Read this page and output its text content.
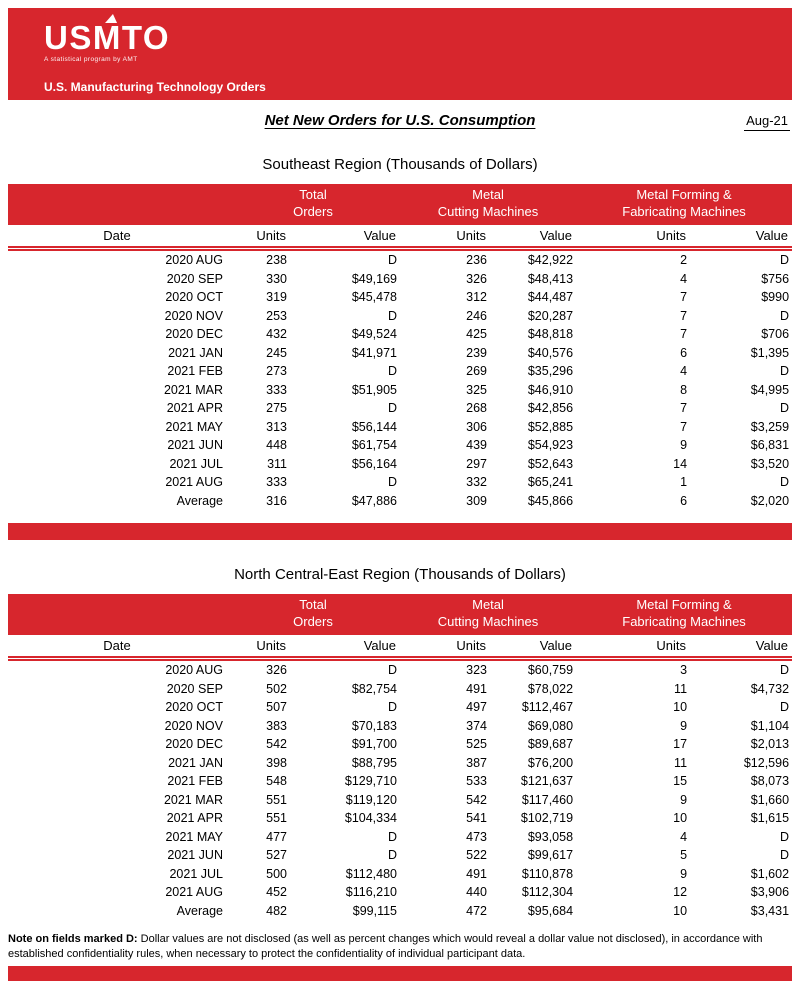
USMTO
A statistical program by AMT
U.S. Manufacturing Technology Orders
Net New Orders for U.S. Consumption	Aug-21
Southeast Region (Thousands of Dollars)
	Total
Orders		Metal
Cutting Machines		Metal Forming &
Fabricating Machines	
Date	Units	Value	Units	Value	Units	Value
2020 AUG	238	D	236	$42,922	2	D
2020 SEP	330	$49,169	326	$48,413	4	$756
2020 OCT	319	$45,478	312	$44,487	7	$990
2020 NOV	253	D	246	$20,287	7	D
2020 DEC	432	$49,524	425	$48,818	7	$706
2021 JAN	245	$41,971	239	$40,576	6	$1,395
2021 FEB	273	D	269	$35,296	4	D
2021 MAR	333	$51,905	325	$46,910	8	$4,995
2021 APR	275	D	268	$42,856	7	D
2021 MAY	313	$56,144	306	$52,885	7	$3,259
2021 JUN	448	$61,754	439	$54,923	9	$6,831
2021 JUL	311	$56,164	297	$52,643	14	$3,520
2021 AUG	333	D	332	$65,241	1	D
Average	316	$47,886	309	$45,866	6	$2,020
North Central-East Region (Thousands of Dollars)
	Total
Orders		Metal
Cutting Machines		Metal Forming &
Fabricating Machines	
Date	Units	Value	Units	Value	Units	Value
2020 AUG	326	D	323	$60,759	3	D
2020 SEP	502	$82,754	491	$78,022	11	$4,732
2020 OCT	507	D	497	$112,467	10	D
2020 NOV	383	$70,183	374	$69,080	9	$1,104
2020 DEC	542	$91,700	525	$89,687	17	$2,013
2021 JAN	398	$88,795	387	$76,200	11	$12,596
2021 FEB	548	$129,710	533	$121,637	15	$8,073
2021 MAR	551	$119,120	542	$117,460	9	$1,660
2021 APR	551	$104,334	541	$102,719	10	$1,615
2021 MAY	477	D	473	$93,058	4	D
2021 JUN	527	D	522	$99,617	5	D
2021 JUL	500	$112,480	491	$110,878	9	$1,602
2021 AUG	452	$116,210	440	$112,304	12	$3,906
Average	482	$99,115	472	$95,684	10	$3,431

Note on fields marked D: Dollar values are not disclosed (as well as percent changes which would reveal a dollar value not disclosed), in accordance with established confidentiality rules, when necessary to protect the confidentiality of individual participant data.
